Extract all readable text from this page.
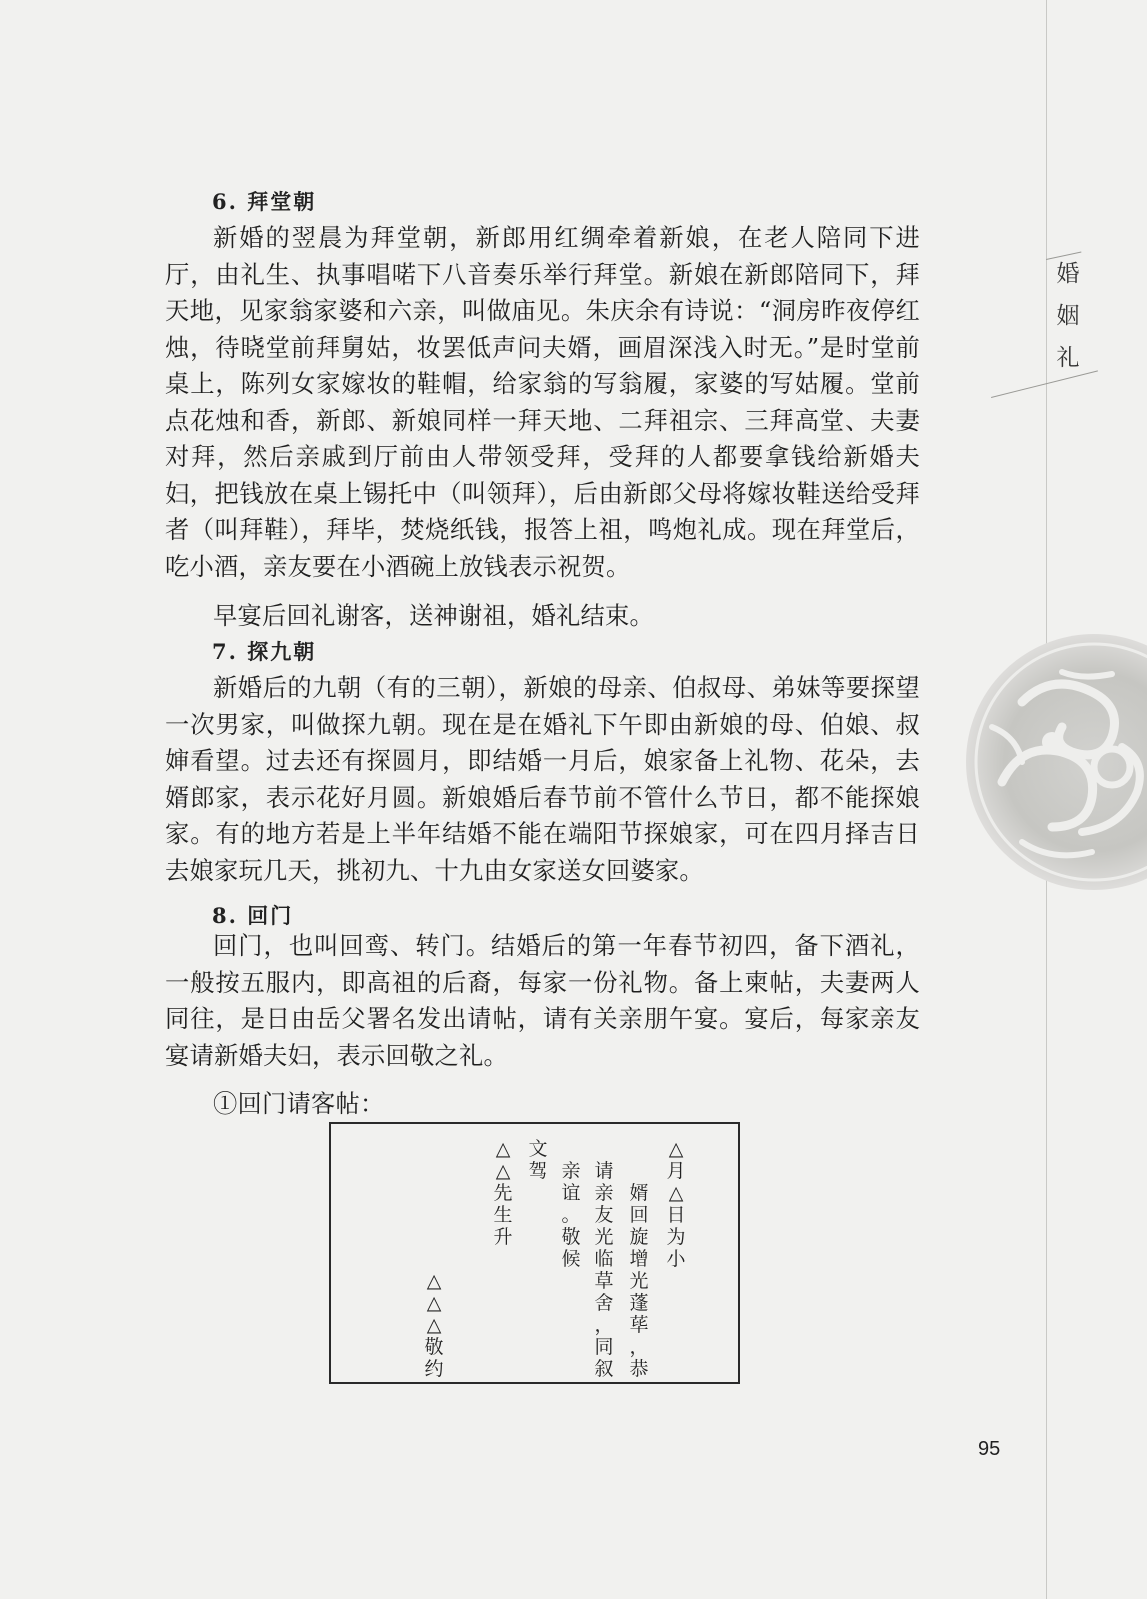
婚
姻
礼
6. 拜堂朝
新婚的翌晨为拜堂朝，新郎用红绸牵着新娘，在老人陪同下进厅，由礼生、执事唱喏下八音奏乐举行拜堂。新娘在新郎陪同下，拜天地，见家翁家婆和六亲，叫做庙见。朱庆余有诗说：“洞房昨夜停红烛，待晓堂前拜舅姑，妆罢低声问夫婿，画眉深浅入时无。”是时堂前桌上，陈列女家嫁妆的鞋帽，给家翁的写翁履，家婆的写姑履。堂前点花烛和香，新郎、新娘同样一拜天地、二拜祖宗、三拜高堂、夫妻对拜，然后亲戚到厅前由人带领受拜，受拜的人都要拿钱给新婚夫妇，把钱放在桌上锡托中（叫领拜），后由新郎父母将嫁妆鞋送给受拜者（叫拜鞋），拜毕，焚烧纸钱，报答上祖，鸣炮礼成。现在拜堂后，吃小酒，亲友要在小酒碗上放钱表示祝贺。
早宴后回礼谢客，送神谢祖，婚礼结束。
7. 探九朝
新婚后的九朝（有的三朝），新娘的母亲、伯叔母、弟妹等要探望一次男家，叫做探九朝。现在是在婚礼下午即由新娘的母、伯娘、叔婶看望。过去还有探圆月，即结婚一月后，娘家备上礼物、花朵，去婿郎家，表示花好月圆。新娘婚后春节前不管什么节日，都不能探娘家。有的地方若是上半年结婚不能在端阳节探娘家，可在四月择吉日去娘家玩几天，挑初九、十九由女家送女回婆家。
8. 回门
回门，也叫回鸾、转门。结婚后的第一年春节初四，备下酒礼，一般按五服内，即高祖的后裔，每家一份礼物。备上柬帖，夫妻两人同往，是日由岳父署名发出请帖，请有关亲朋午宴。宴后，每家亲友宴请新婚夫妇，表示回敬之礼。
①回门请客帖：
△
月
△
日
为
小
婿
回
旋
增
光
蓬
荜
，
恭
请
亲
友
光
临
草
舍
，
同
叙
亲
谊
。
敬
候
文
驾
△
△
先
生
升
△
△
△
敬
约
95
